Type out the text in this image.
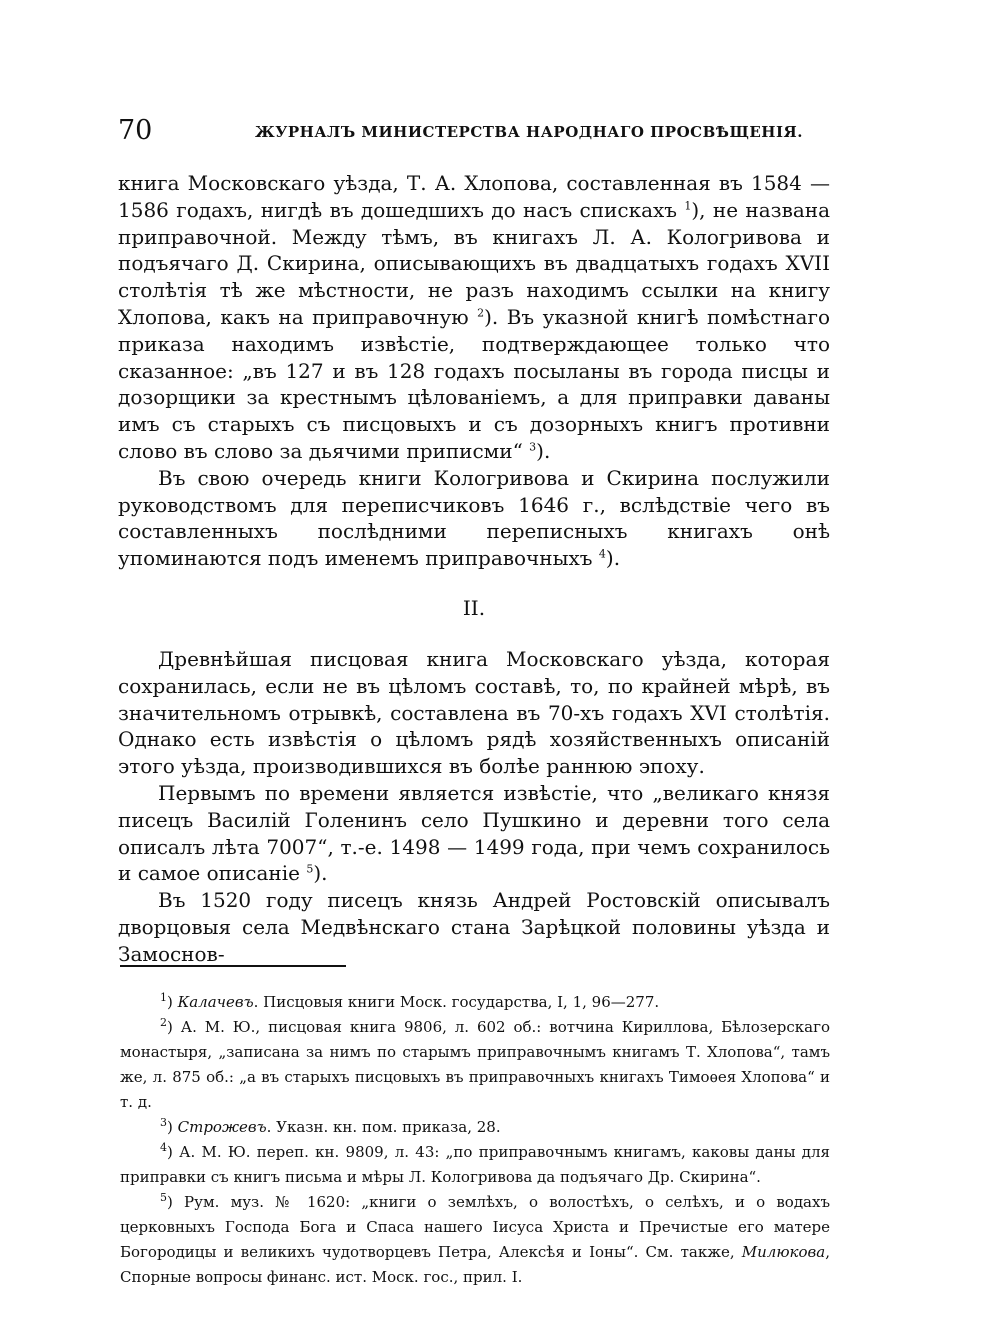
70	ЖУРНАЛЪ МИНИСТЕРСТВА НАРОДНАГО ПРОСВѢЩЕНІЯ.

книга Московскаго уѣзда, Т. А. Хлопова, составленная въ 1584 — 1586 годахъ, нигдѣ въ дошедшихъ до насъ спискахъ $^1$), не названа приправочной. Между тѣмъ, въ книгахъ Л. А. Кологривова и подъячаго Д. Скирина, описывающихъ въ двадцатыхъ годахъ XVII столѣтія тѣ же мѣстности, не разъ находимъ ссылки на книгу Хлопова, какъ на приправочную $^2$). Въ указной книгѣ помѣстнаго приказа находимъ извѣстіе, подтверждающее только что сказанное: „въ 127 и въ 128 годахъ посыланы въ города писцы и дозорщики за крестнымъ цѣлованіемъ, а для приправки даваны имъ съ старыхъ съ писцовыхъ и съ дозорныхъ книгъ противни слово въ слово за дьячими приписми“ $^3$).

Въ свою очередь книги Кологривова и Скирина послужили руководствомъ для переписчиковъ 1646 г., вслѣдствіе чего въ составленныхъ послѣдними переписныхъ книгахъ онѣ упоминаются подъ именемъ приправочныхъ $^4$).

II.

Древнѣйшая писцовая книга Московскаго уѣзда, которая сохранилась, если не въ цѣломъ составѣ, то, по крайней мѣрѣ, въ значительномъ отрывкѣ, составлена въ 70-хъ годахъ XVI столѣтія. Однако есть извѣстія о цѣломъ рядѣ хозяйственныхъ описаній этого уѣзда, производившихся въ болѣе раннюю эпоху.

Первымъ по времени является извѣстіе, что „великаго князя писецъ Василій Голенинъ село Пушкино и деревни того села описалъ лѣта 7007“, т.-е. 1498 — 1499 года, при чемъ сохранилось и самое описаніе $^5$).

Въ 1520 году писецъ князь Андрей Ростовскій описывалъ дворцовыя села Медвѣнскаго стана Зарѣцкой половины уѣзда и Замоснов-

$^1$) Калачевъ. Писцовыя книги Моск. государства, I, 1, 96—277.

$^2$) А. М. Ю., писцовая книга 9806, л. 602 об.: вотчина Кириллова, Бѣлозерскаго монастыря, „записана за нимъ по старымъ приправочнымъ книгамъ Т. Хлопова“, тамъ же, л. 875 об.: „а въ старыхъ писцовыхъ въ приправочныхъ книгахъ Тимоѳея Хлопова“ и т. д.

$^3$) Строжевъ. Указн. кн. пом. приказа, 28.

$^4$) А. М. Ю. переп. кн. 9809, л. 43: „по приправочнымъ книгамъ, каковы даны для приправки съ книгъ письма и мѣры Л. Кологривова да подъячаго Др. Скирина“.

$^5$) Рум. муз. № 1620: „книги о землѣхъ, о волостѣхъ, о селѣхъ, и о водахъ церковныхъ Господа Бога и Спаса нашего Іисуса Христа и Пречистые его матере Богородицы и великихъ чудотворцевъ Петра, Алексѣя и Іоны“. См. также, Милюкова, Спорные вопросы финанс. ист. Моск. гос., прил. I.
